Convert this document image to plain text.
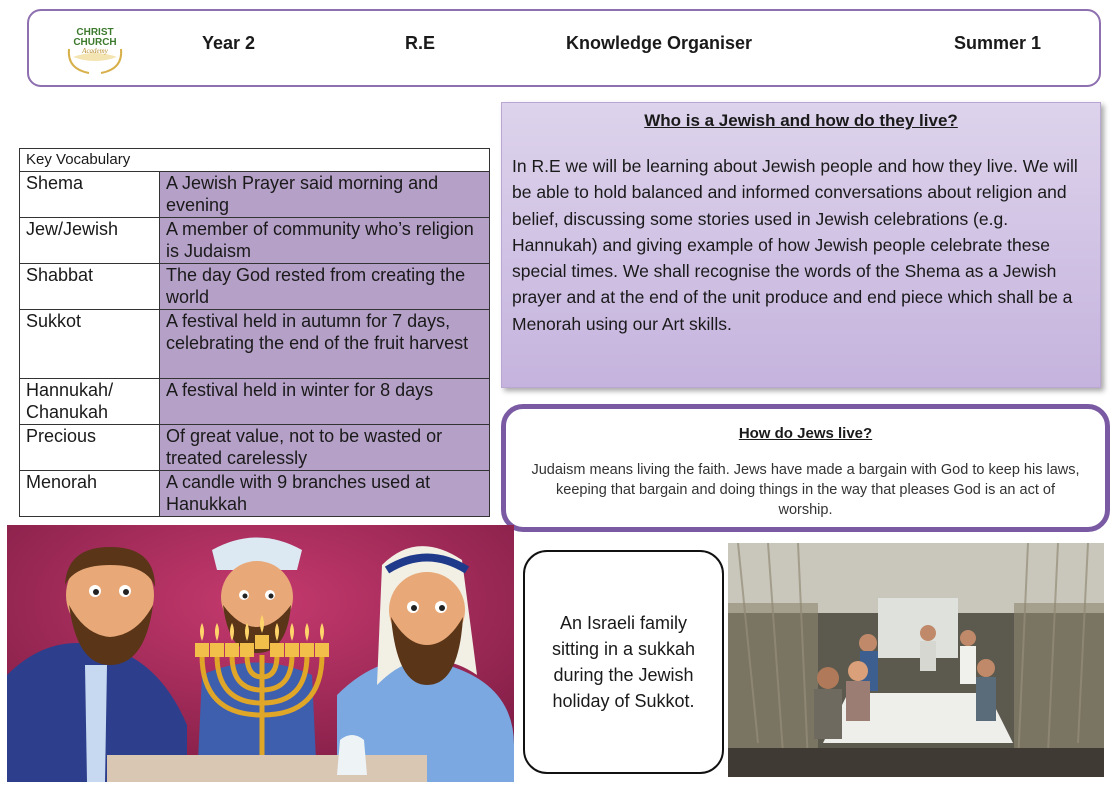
CHRIST
CHURCH
Academy	Year 2	R.E	Knowledge Organiser	Summer 1
Key Vocabulary	
Shema	A Jewish Prayer said morning and evening
Jew/Jewish	A member of community who’s religion is Judaism
Shabbat	The day God rested from creating the world
Sukkot	A festival held in autumn for 7 days, celebrating the end of the fruit harvest
Hannukah/ Chanukah	A festival held in winter for 8 days
Precious	Of great value, not to be wasted or treated carelessly
Menorah	A candle with 9 branches used at Hanukkah
Who is a Jewish and how do they live?
In R.E we will be learning about Jewish people and how they live. We will be able to hold balanced and informed conversations about religion and belief, discussing some stories used in Jewish celebrations (e.g. Hannukah) and giving example of how Jewish people celebrate these special times. We shall recognise the words of the Shema as a Jewish prayer and at the end of the unit produce and end piece which shall be a Menorah using our Art skills.
How do Jews live?
Judaism means living the faith. Jews have made a bargain with God to keep his laws, keeping that bargain and doing things in the way that pleases God is an act of worship.
An Israeli family sitting in a sukkah during the Jewish holiday of Sukkot.
